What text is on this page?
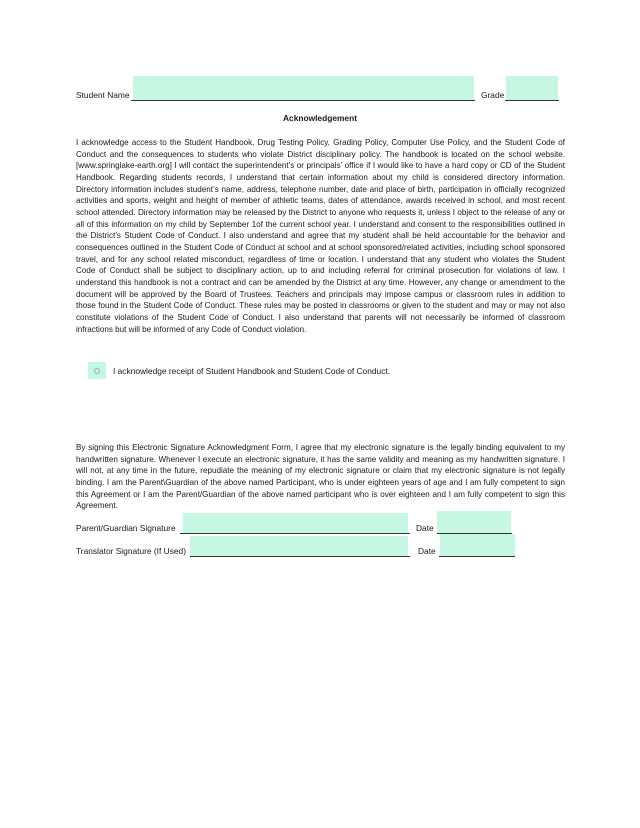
Student Name	Grade
Acknowledgement
I acknowledge access to the Student Handbook, Drug Testing Policy, Grading Policy, Computer Use Policy, and the Student Code of Conduct and the consequences to students who violate District disciplinary policy. The handbook is located on the school website. [www.springlake-earth.org] I will contact the superintendent’s or principals’ office if I would like to have a hard copy or CD of the Student Handbook. Regarding students records, I understand that certain information about my child is considered directory information. Directory information includes student’s name, address, telephone number, date and place of birth, participation in officially recognized activities and sports, weight and height of member of athletic teams, dates of attendance, awards received in school, and most recent school attended. Directory information may be released by the District to anyone who requests it, unless I object to the release of any or all of this information on my child by September 1of the current school year. I understand and consent to the responsibilities outlined in the District’s Student Code of Conduct. I also understand and agree that my student shall be held accountable for the behavior and consequences outlined in the Student Code of Conduct at school and at school sponsored/related activities, including school sponsored travel, and for any school related misconduct, regardless of time or location. I understand that any student who violates the Student Code of Conduct shall be subject to disciplinary action, up to and including referral for criminal prosecution for violations of law. I understand this handbook is not a contract and can be amended by the District at any time. However, any change or amendment to the document will be approved by the Board of Trustees. Teachers and principals may impose campus or classroom rules in addition to those found in the Student Code of Conduct. These rules may be posted in classrooms or given to the student and may or may not also constitute violations of the Student Code of Conduct. I also understand that parents will not necessarily be informed of classroom infractions but will be informed of any Code of Conduct violation.
I acknowledge receipt of Student Handbook and Student Code of Conduct.
By signing this Electronic Signature Acknowledgment Form, I agree that my electronic signature is the legally binding equivalent to my handwritten signature. Whenever I execute an electronic signature, it has the same validity and meaning as my handwritten signature. I will not, at any time in the future, repudiate the meaning of my electronic signature or claim that my electronic signature is not legally binding. I am the Parent\Guardian of the above named Participant, who is under eighteen years of age and I am fully competent to sign this Agreement or I am the Parent/Guardian of the above named participant who is over eighteen and I am fully competent to sign this Agreement.
Parent/Guardian Signature	Date
Translator Signature (If Used)	Date
